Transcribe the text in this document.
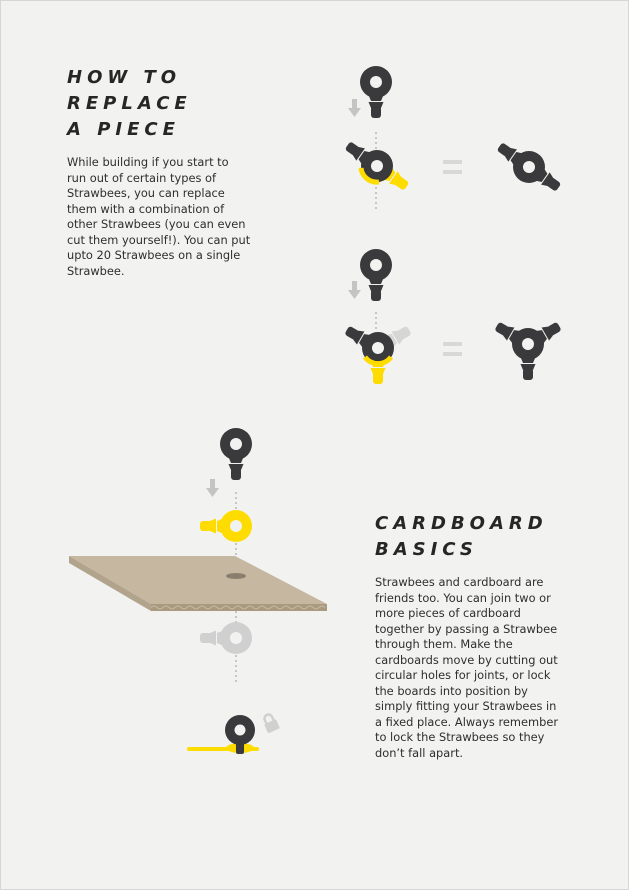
HOW TO
REPLACE
A PIECE
While building if you start to
run out of certain types of
Strawbees, you can replace
them with a combination of
other Strawbees (you can even
cut them yourself!). You can put
upto 20 Strawbees on a single
Strawbee.
CARDBOARD
BASICS
Strawbees and cardboard are
friends too. You can join two or
more pieces of cardboard
together by passing a Strawbee
through them. Make the
cardboards move by cutting out
circular holes for joints, or lock
the boards into position by
simply fitting your Strawbees in
a fixed place. Always remember
to lock the Strawbees so they
don’t fall apart.
